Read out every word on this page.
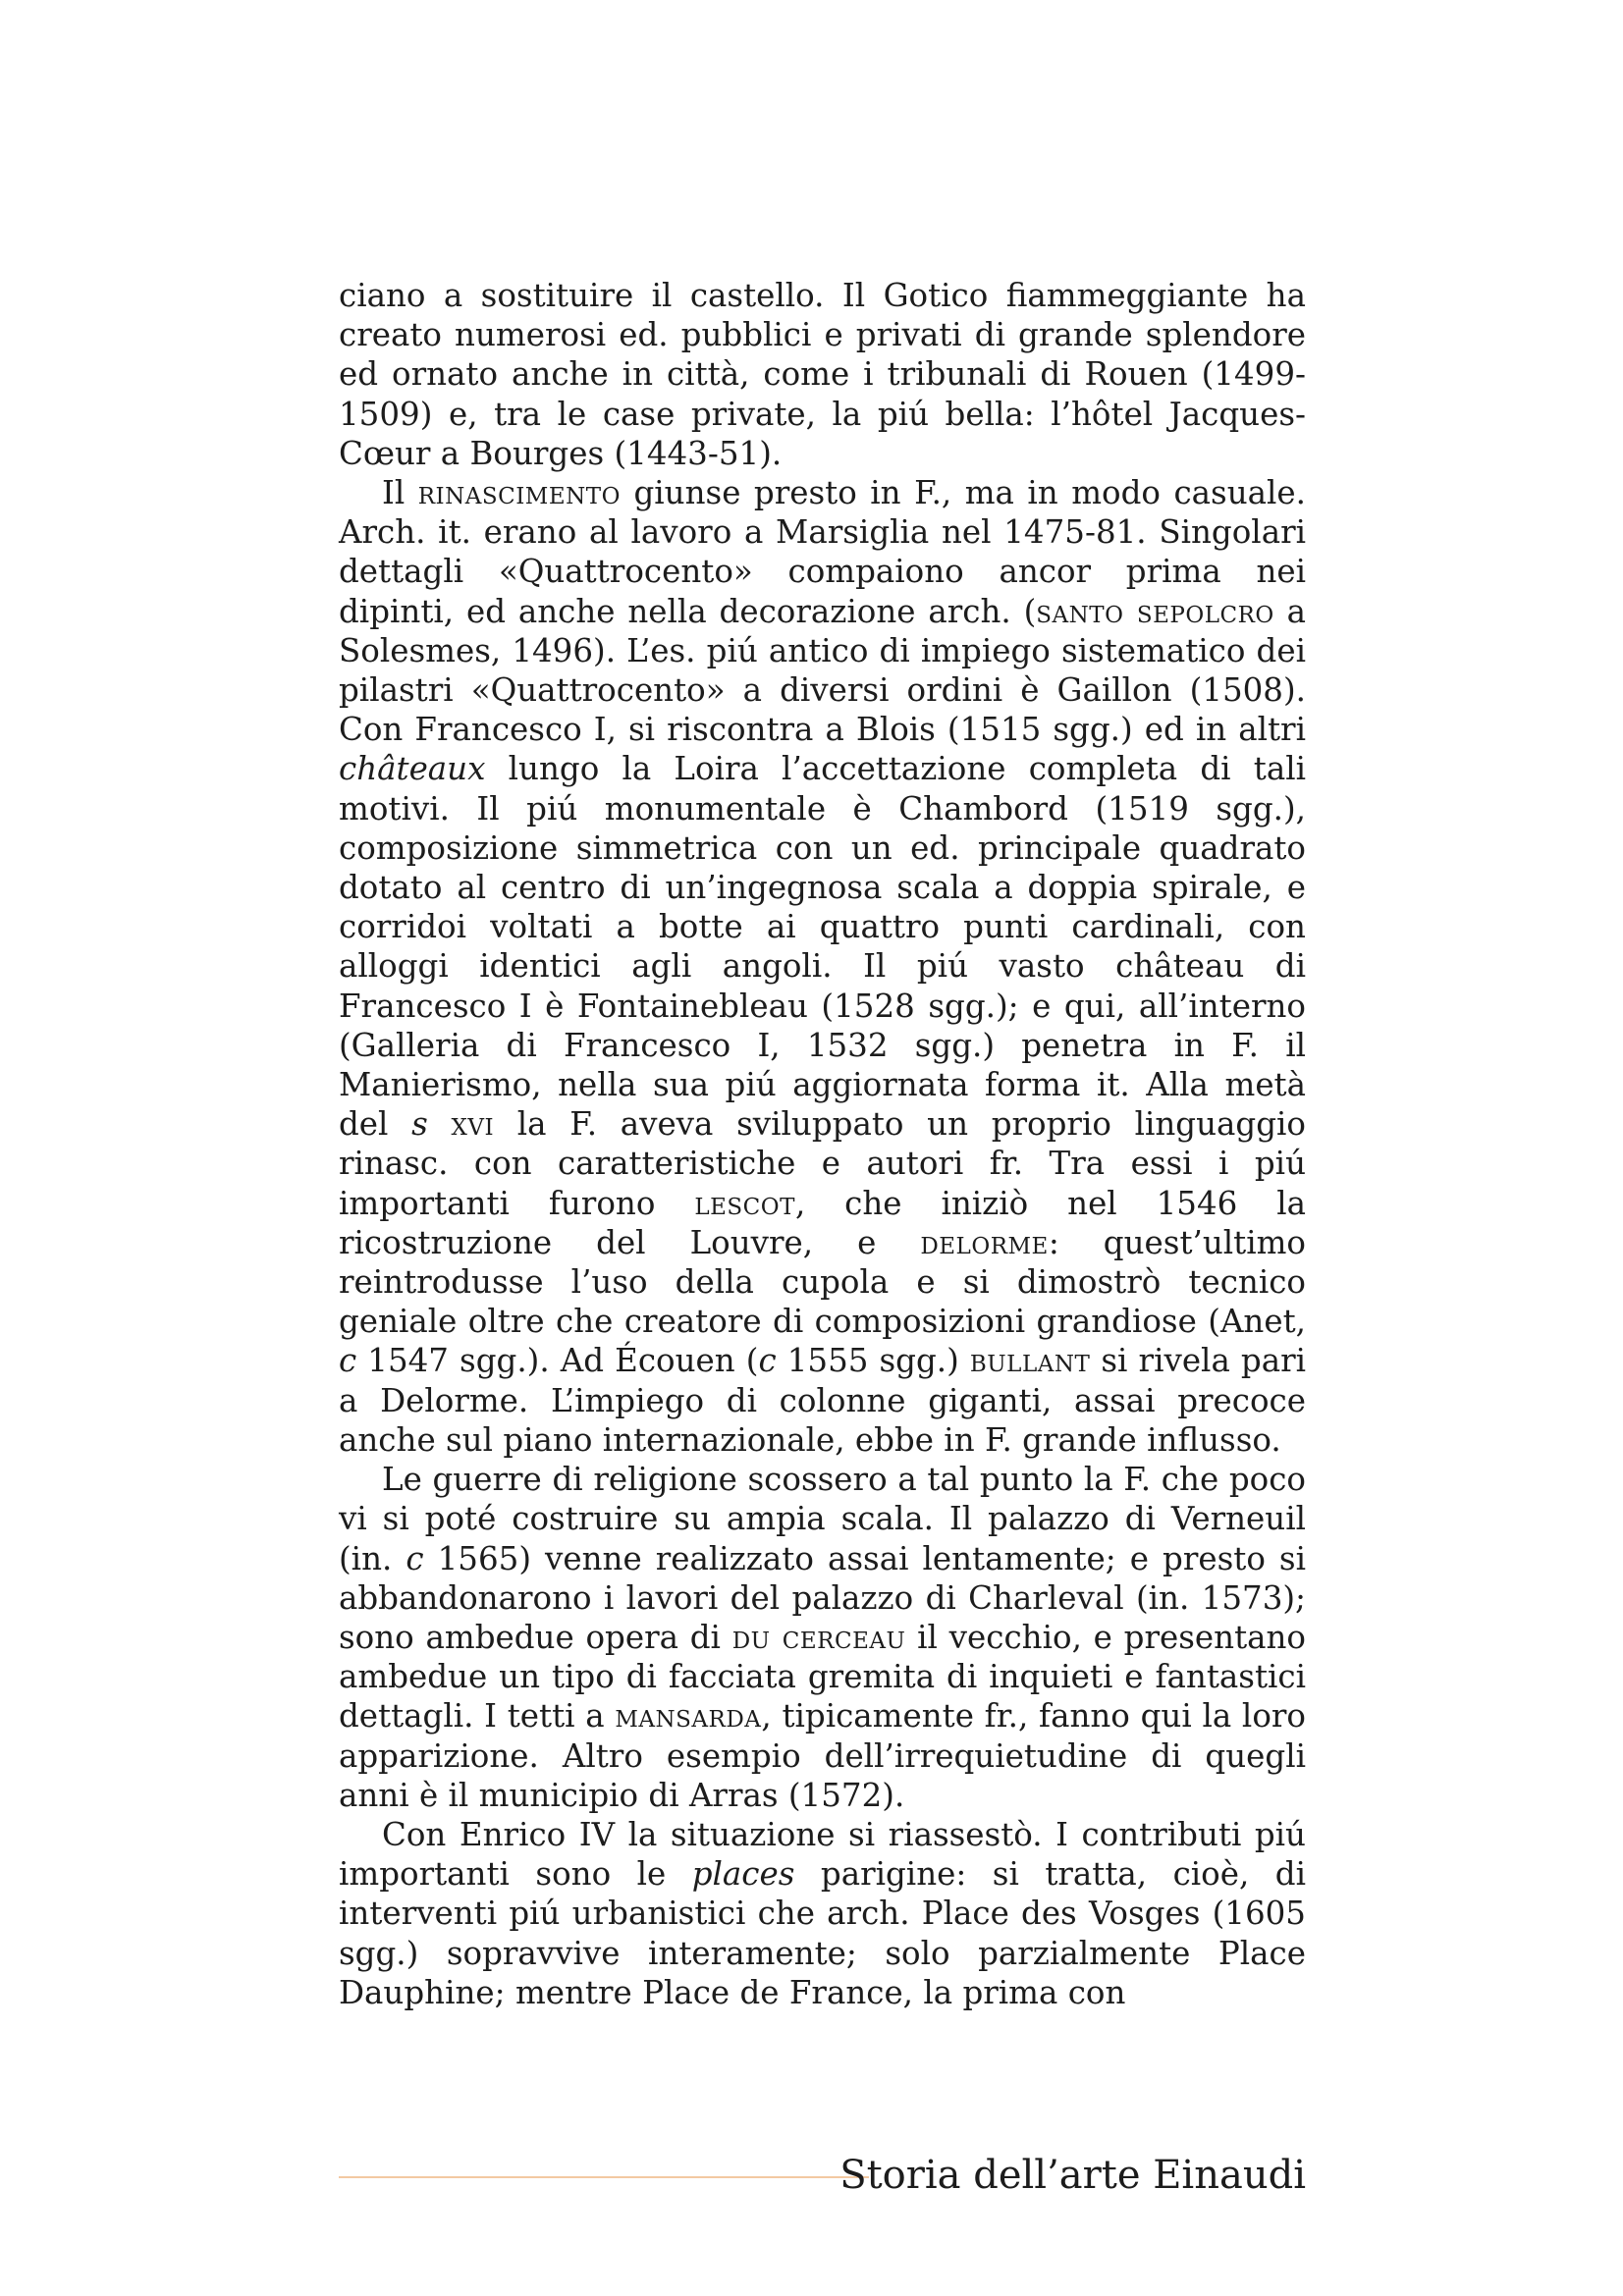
ciano a sostituire il castello. Il Gotico fiammeggiante ha creato numerosi ed. pubblici e privati di grande splendore ed ornato anche in città, come i tribunali di Rouen (1499-1509) e, tra le case private, la piú bella: l’hôtel Jacques-Cœur a Bourges (1443-51).

Il rinascimento giunse presto in F., ma in modo casuale. Arch. it. erano al lavoro a Marsiglia nel 1475-81. Singolari dettagli «Quattrocento» compaiono ancor prima nei dipinti, ed anche nella decorazione arch. (santo sepolcro a Solesmes, 1496). L’es. piú antico di impiego sistematico dei pilastri «Quattrocento» a diversi ordini è Gaillon (1508). Con Francesco I, si riscontra a Blois (1515 sgg.) ed in altri châteaux lungo la Loira l’accettazione completa di tali motivi. Il piú monumentale è Chambord (1519 sgg.), composizione simmetrica con un ed. principale quadrato dotato al centro di un’ingegnosa scala a doppia spirale, e corridoi voltati a botte ai quattro punti cardinali, con alloggi identici agli angoli. Il piú vasto château di Francesco I è Fontainebleau (1528 sgg.); e qui, all’interno (Galleria di Francesco I, 1532 sgg.) penetra in F. il Manierismo, nella sua piú aggiornata forma it. Alla metà del s xvi la F. aveva sviluppato un proprio linguaggio rinasc. con caratteristiche e autori fr. Tra essi i piú importanti furono lescot, che iniziò nel 1546 la ricostruzione del Louvre, e delorme: quest’ultimo reintrodusse l’uso della cupola e si dimostrò tecnico geniale oltre che creatore di composizioni grandiose (Anet, c 1547 sgg.). Ad Écouen (c 1555 sgg.) bullant si rivela pari a Delorme. L’impiego di colonne giganti, assai precoce anche sul piano internazionale, ebbe in F. grande influsso.

Le guerre di religione scossero a tal punto la F. che poco vi si poté costruire su ampia scala. Il palazzo di Verneuil (in. c 1565) venne realizzato assai lentamente; e presto si abbandonarono i lavori del palazzo di Charleval (in. 1573); sono ambedue opera di du cerceau il vecchio, e presentano ambedue un tipo di facciata gremita di inquieti e fantastici dettagli. I tetti a mansarda, tipicamente fr., fanno qui la loro apparizione. Altro esempio dell’irrequietudine di quegli anni è il municipio di Arras (1572).

Con Enrico IV la situazione si riassestò. I contributi piú importanti sono le places parigine: si tratta, cioè, di interventi piú urbanistici che arch. Place des Vosges (1605 sgg.) sopravvive interamente; solo parzialmente Place Dauphine; mentre Place de France, la prima con

Storia dell’arte Einaudi
